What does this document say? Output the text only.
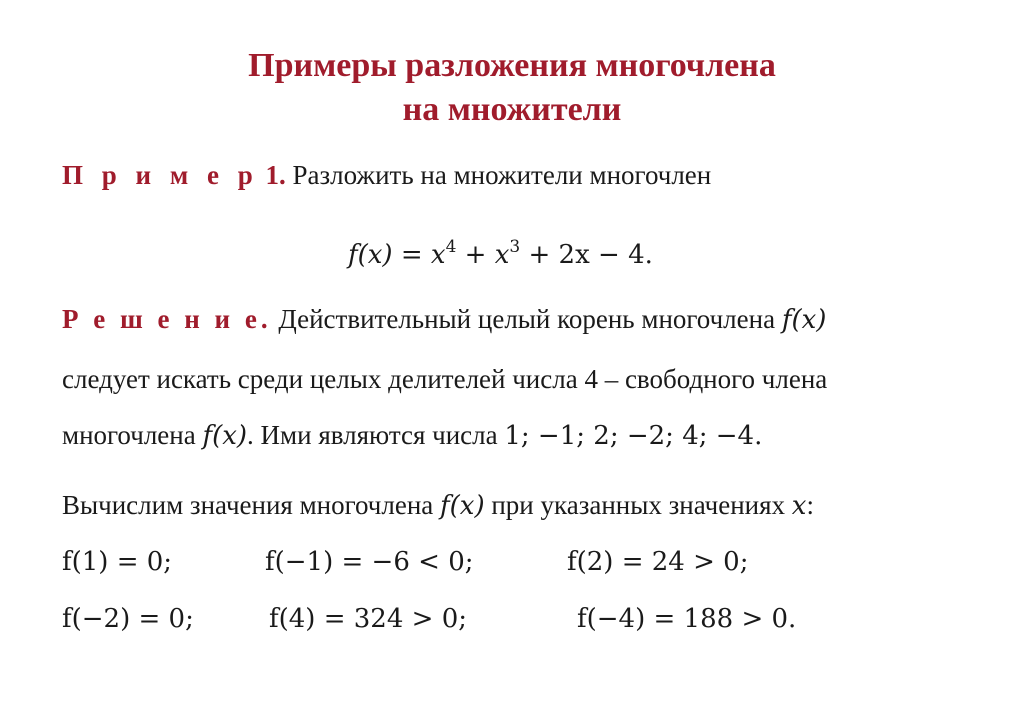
Примеры разложения многочлена
на множители
П р и м е р 1. Разложить на множители многочлен
$f(x) = x^4 + x^3 + 2x - 4$.
Р е ш е н и е. Действительный целый корень многочлена f(x)
следует искать среди целых делителей числа 4 – свободного члена
многочлена f(x). Ими являются числа 1; −1; 2; −2; 4; −4.
Вычислим значения многочлена f(x) при указанных значениях x:
f(1) = 0;	f(−1) = −6 < 0;	f(2) = 24 > 0;
f(−2) = 0;	f(4) = 324 > 0;	f(−4) = 188 > 0.
